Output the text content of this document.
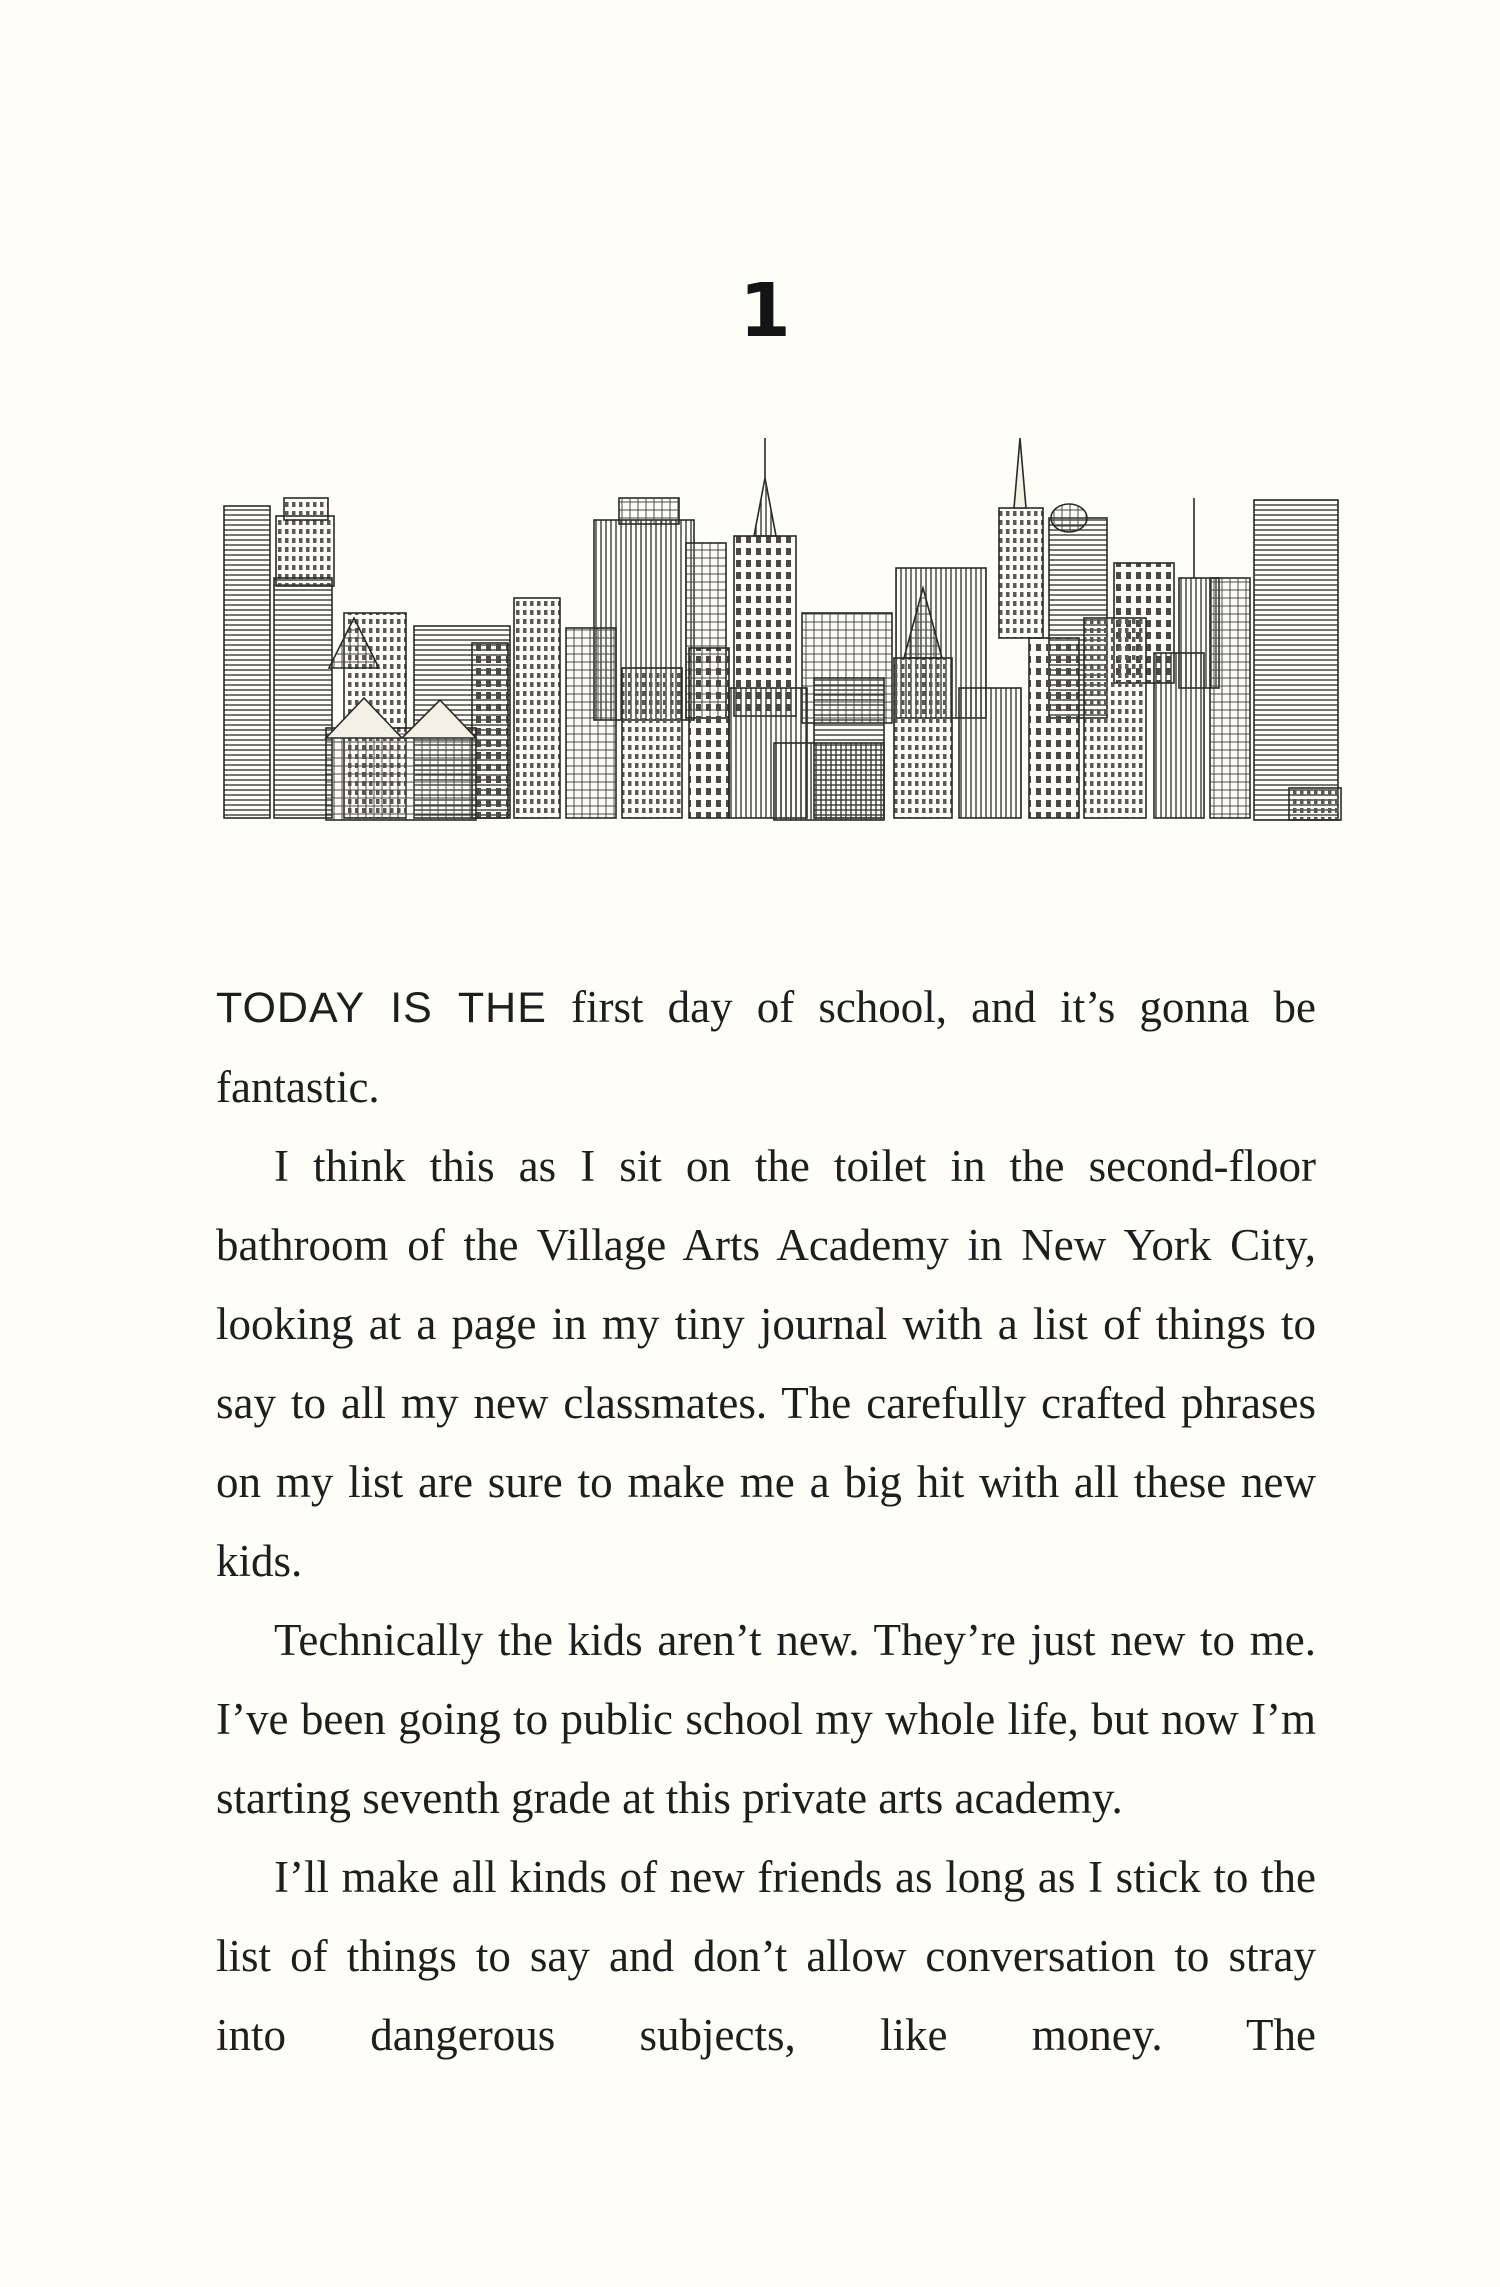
1

TODAY IS THE first day of school, and it’s gonna be fantastic.

I think this as I sit on the toilet in the second-floor bathroom of the Village Arts Academy in New York City, looking at a page in my tiny journal with a list of things to say to all my new classmates. The carefully crafted phrases on my list are sure to make me a big hit with all these new kids.

Technically the kids aren’t new. They’re just new to me. I’ve been going to public school my whole life, but now I’m starting seventh grade at this private arts academy.

I’ll make all kinds of new friends as long as I stick to the list of things to say and don’t allow conversation to stray into dangerous subjects, like money. The
